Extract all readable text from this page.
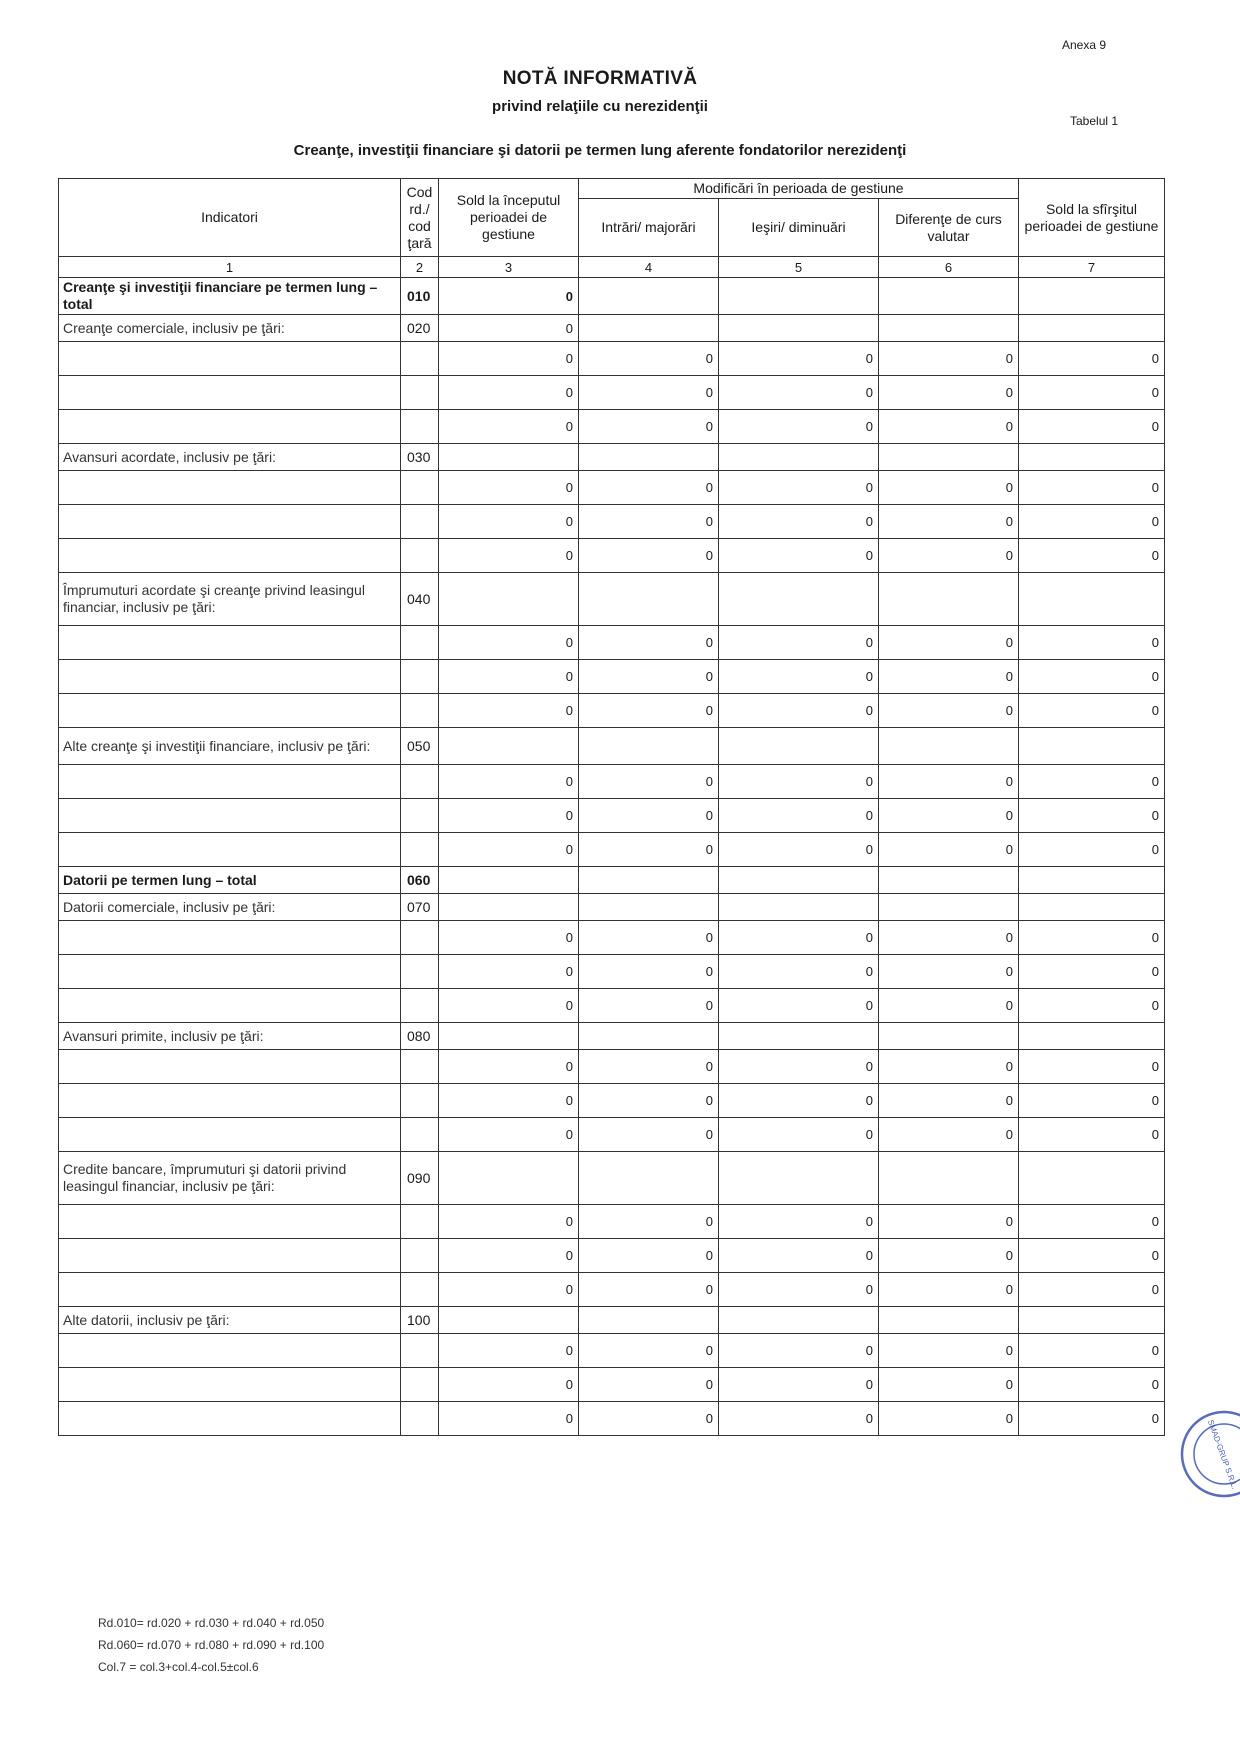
Anexa 9
Tabelul 1
NOTĂ INFORMATIVĂ
privind relaţiile cu nerezidenţii
Creanţe, investiţii financiare şi datorii pe termen lung aferente fondatorilor nerezidenţi
Indicatori	Cod rd./ cod ţară	Sold la începutul perioadei de gestiune	Modificări în perioada de gestiune			Sold la sfîrşitul perioadei de gestiune
			Intrări/ majorări	Ieşiri/ diminuări	Diferenţe de curs valutar	
1	2	3	4	5	6	7
Creanţe şi investiţii financiare pe termen lung – total	010	0				
Creanţe comerciale, inclusiv pe ţări:	020	0				
		0	0	0	0	0
		0	0	0	0	0
		0	0	0	0	0
Avansuri acordate, inclusiv pe ţări:	030					
		0	0	0	0	0
		0	0	0	0	0
		0	0	0	0	0
Împrumuturi acordate şi creanţe privind leasingul financiar, inclusiv pe ţări:	040					
		0	0	0	0	0
		0	0	0	0	0
		0	0	0	0	0
Alte creanţe şi investiţii financiare, inclusiv pe ţări:	050					
		0	0	0	0	0
		0	0	0	0	0
		0	0	0	0	0
Datorii pe termen lung – total	060					
Datorii comerciale, inclusiv pe ţări:	070					
		0	0	0	0	0
		0	0	0	0	0
		0	0	0	0	0
Avansuri primite, inclusiv pe ţări:	080					
		0	0	0	0	0
		0	0	0	0	0
		0	0	0	0	0
Credite bancare, împrumuturi şi datorii privind leasingul financiar, inclusiv pe ţări:	090					
		0	0	0	0	0
		0	0	0	0	0
		0	0	0	0	0
Alte datorii, inclusiv pe ţări:	100					
		0	0	0	0	0
		0	0	0	0	0
		0	0	0	0	0
Rd.010= rd.020 + rd.030 + rd.040 + rd.050
Rd.060= rd.070 + rd.080 + rd.090 + rd.100
Col.7 = col.3+col.4-col.5±col.6
SMAD-GRUP S.R.L.
